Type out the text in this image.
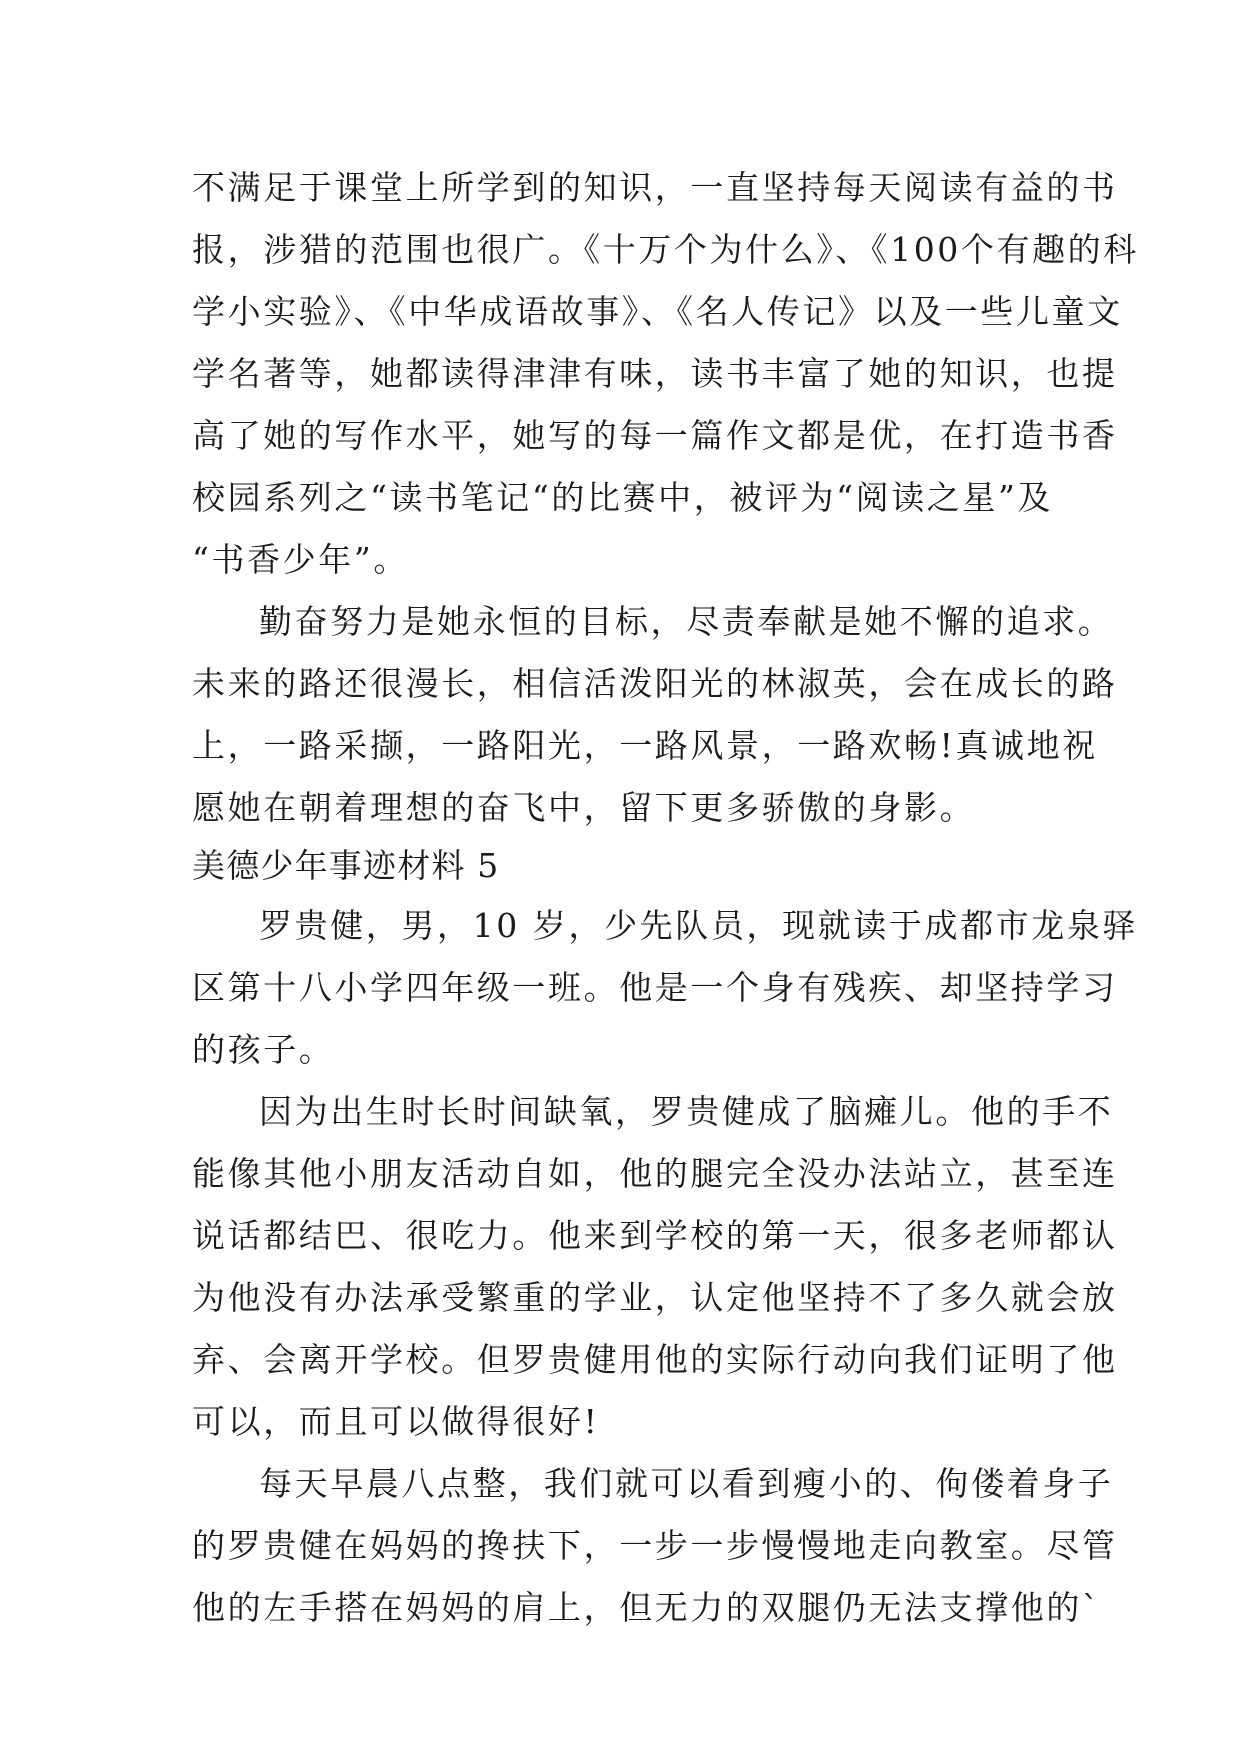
不满足于课堂上所学到的知识，一直坚持每天阅读有益的书
报，涉猎的范围也很广。《十万个为什么》、《100个有趣的科
学小实验》、《中华成语故事》、《名人传记》以及一些儿童文
学名著等，她都读得津津有味，读书丰富了她的知识，也提
高了她的写作水平，她写的每一篇作文都是优，在打造书香
校园系列之“读书笔记“的比赛中，被评为“阅读之星”及
“书香少年”。
勤奋努力是她永恒的目标，尽责奉献是她不懈的追求。
未来的路还很漫长，相信活泼阳光的林淑英，会在成长的路
上，一路采撷，一路阳光，一路风景，一路欢畅!真诚地祝
愿她在朝着理想的奋飞中，留下更多骄傲的身影。
美德少年事迹材料 5
罗贵健，男，10 岁，少先队员，现就读于成都市龙泉驿
区第十八小学四年级一班。他是一个身有残疾、却坚持学习
的孩子。
因为出生时长时间缺氧，罗贵健成了脑瘫儿。他的手不
能像其他小朋友活动自如，他的腿完全没办法站立，甚至连
说话都结巴、很吃力。他来到学校的第一天，很多老师都认
为他没有办法承受繁重的学业，认定他坚持不了多久就会放
弃、会离开学校。但罗贵健用他的实际行动向我们证明了他
可以，而且可以做得很好!
每天早晨八点整，我们就可以看到瘦小的、佝偻着身子
的罗贵健在妈妈的搀扶下，一步一步慢慢地走向教室。尽管
他的左手搭在妈妈的肩上，但无力的双腿仍无法支撑他的`
